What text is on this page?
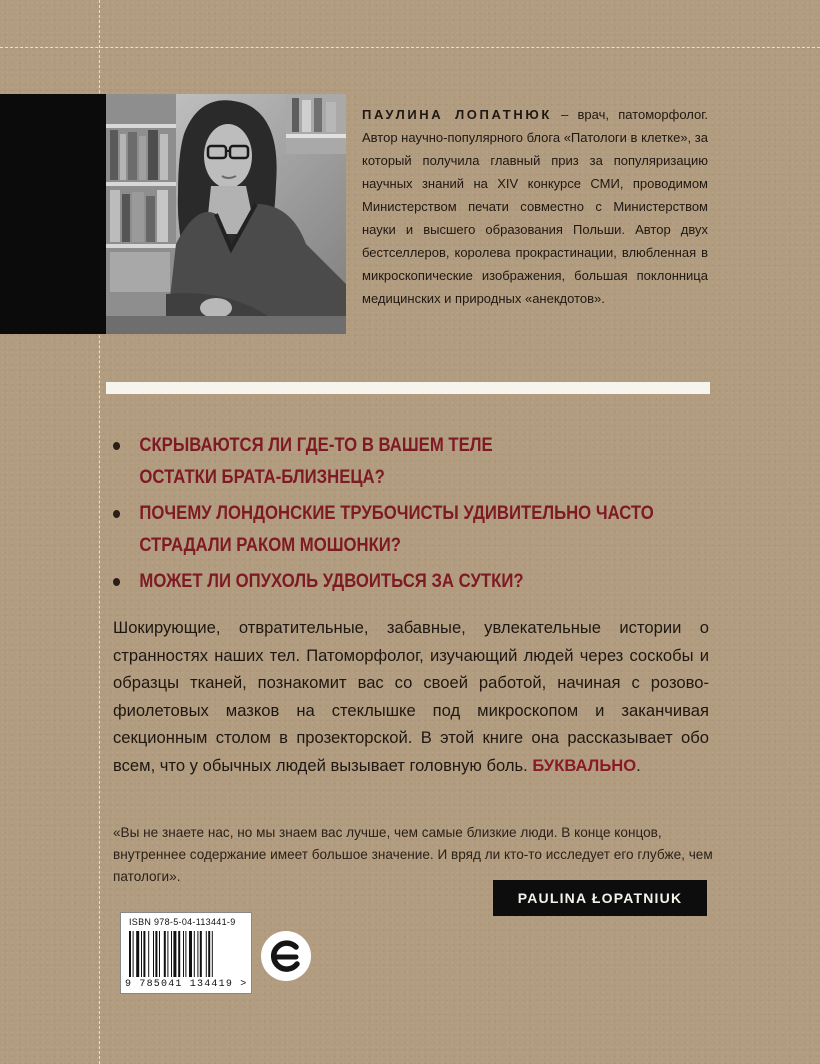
ПАУЛИНА ЛОПАТНЮК – врач, патоморфолог. Автор научно-популярного блога «Патологи в клетке», за который получила главный приз за популяризацию научных знаний на XIV конкурсе СМИ, проводимом Министерством печати совместно с Министерством науки и высшего образования Польши. Автор двух бестселлеров, королева прокрастинации, влюбленная в микроскопические изображения, большая поклонница медицинских и природных «анекдотов».
СКРЫВАЮТСЯ ЛИ ГДЕ-ТО В ВАШЕМ ТЕЛЕ
ОСТАТКИ БРАТА-БЛИЗНЕЦА?
ПОЧЕМУ ЛОНДОНСКИЕ ТРУБОЧИСТЫ УДИВИТЕЛЬНО ЧАСТО
СТРАДАЛИ РАКОМ МОШОНКИ?
МОЖЕТ ЛИ ОПУХОЛЬ УДВОИТЬСЯ ЗА СУТКИ?

Шокирующие, отвратительные, забавные, увлекательные истории о странностях наших тел. Патоморфолог, изучающий людей через соскобы и образцы тканей, познакомит вас со своей работой, начиная с розово-фиолетовых мазков на стеклышке под микроскопом и заканчивая секционным столом в прозекторской. В этой книге она рассказывает обо всем, что у обычных людей вызывает головную боль. БУКВАЛЬНО.

«Вы не знаете нас, но мы знаем вас лучше, чем самые близкие люди. В конце концов, внутреннее содержание имеет большое значение. И вряд ли кто-то исследует его глубже, чем патологи».

PAULINA ŁOPATNIUK
ISBN 978-5-04-113441-9
9 785041 134419 >
